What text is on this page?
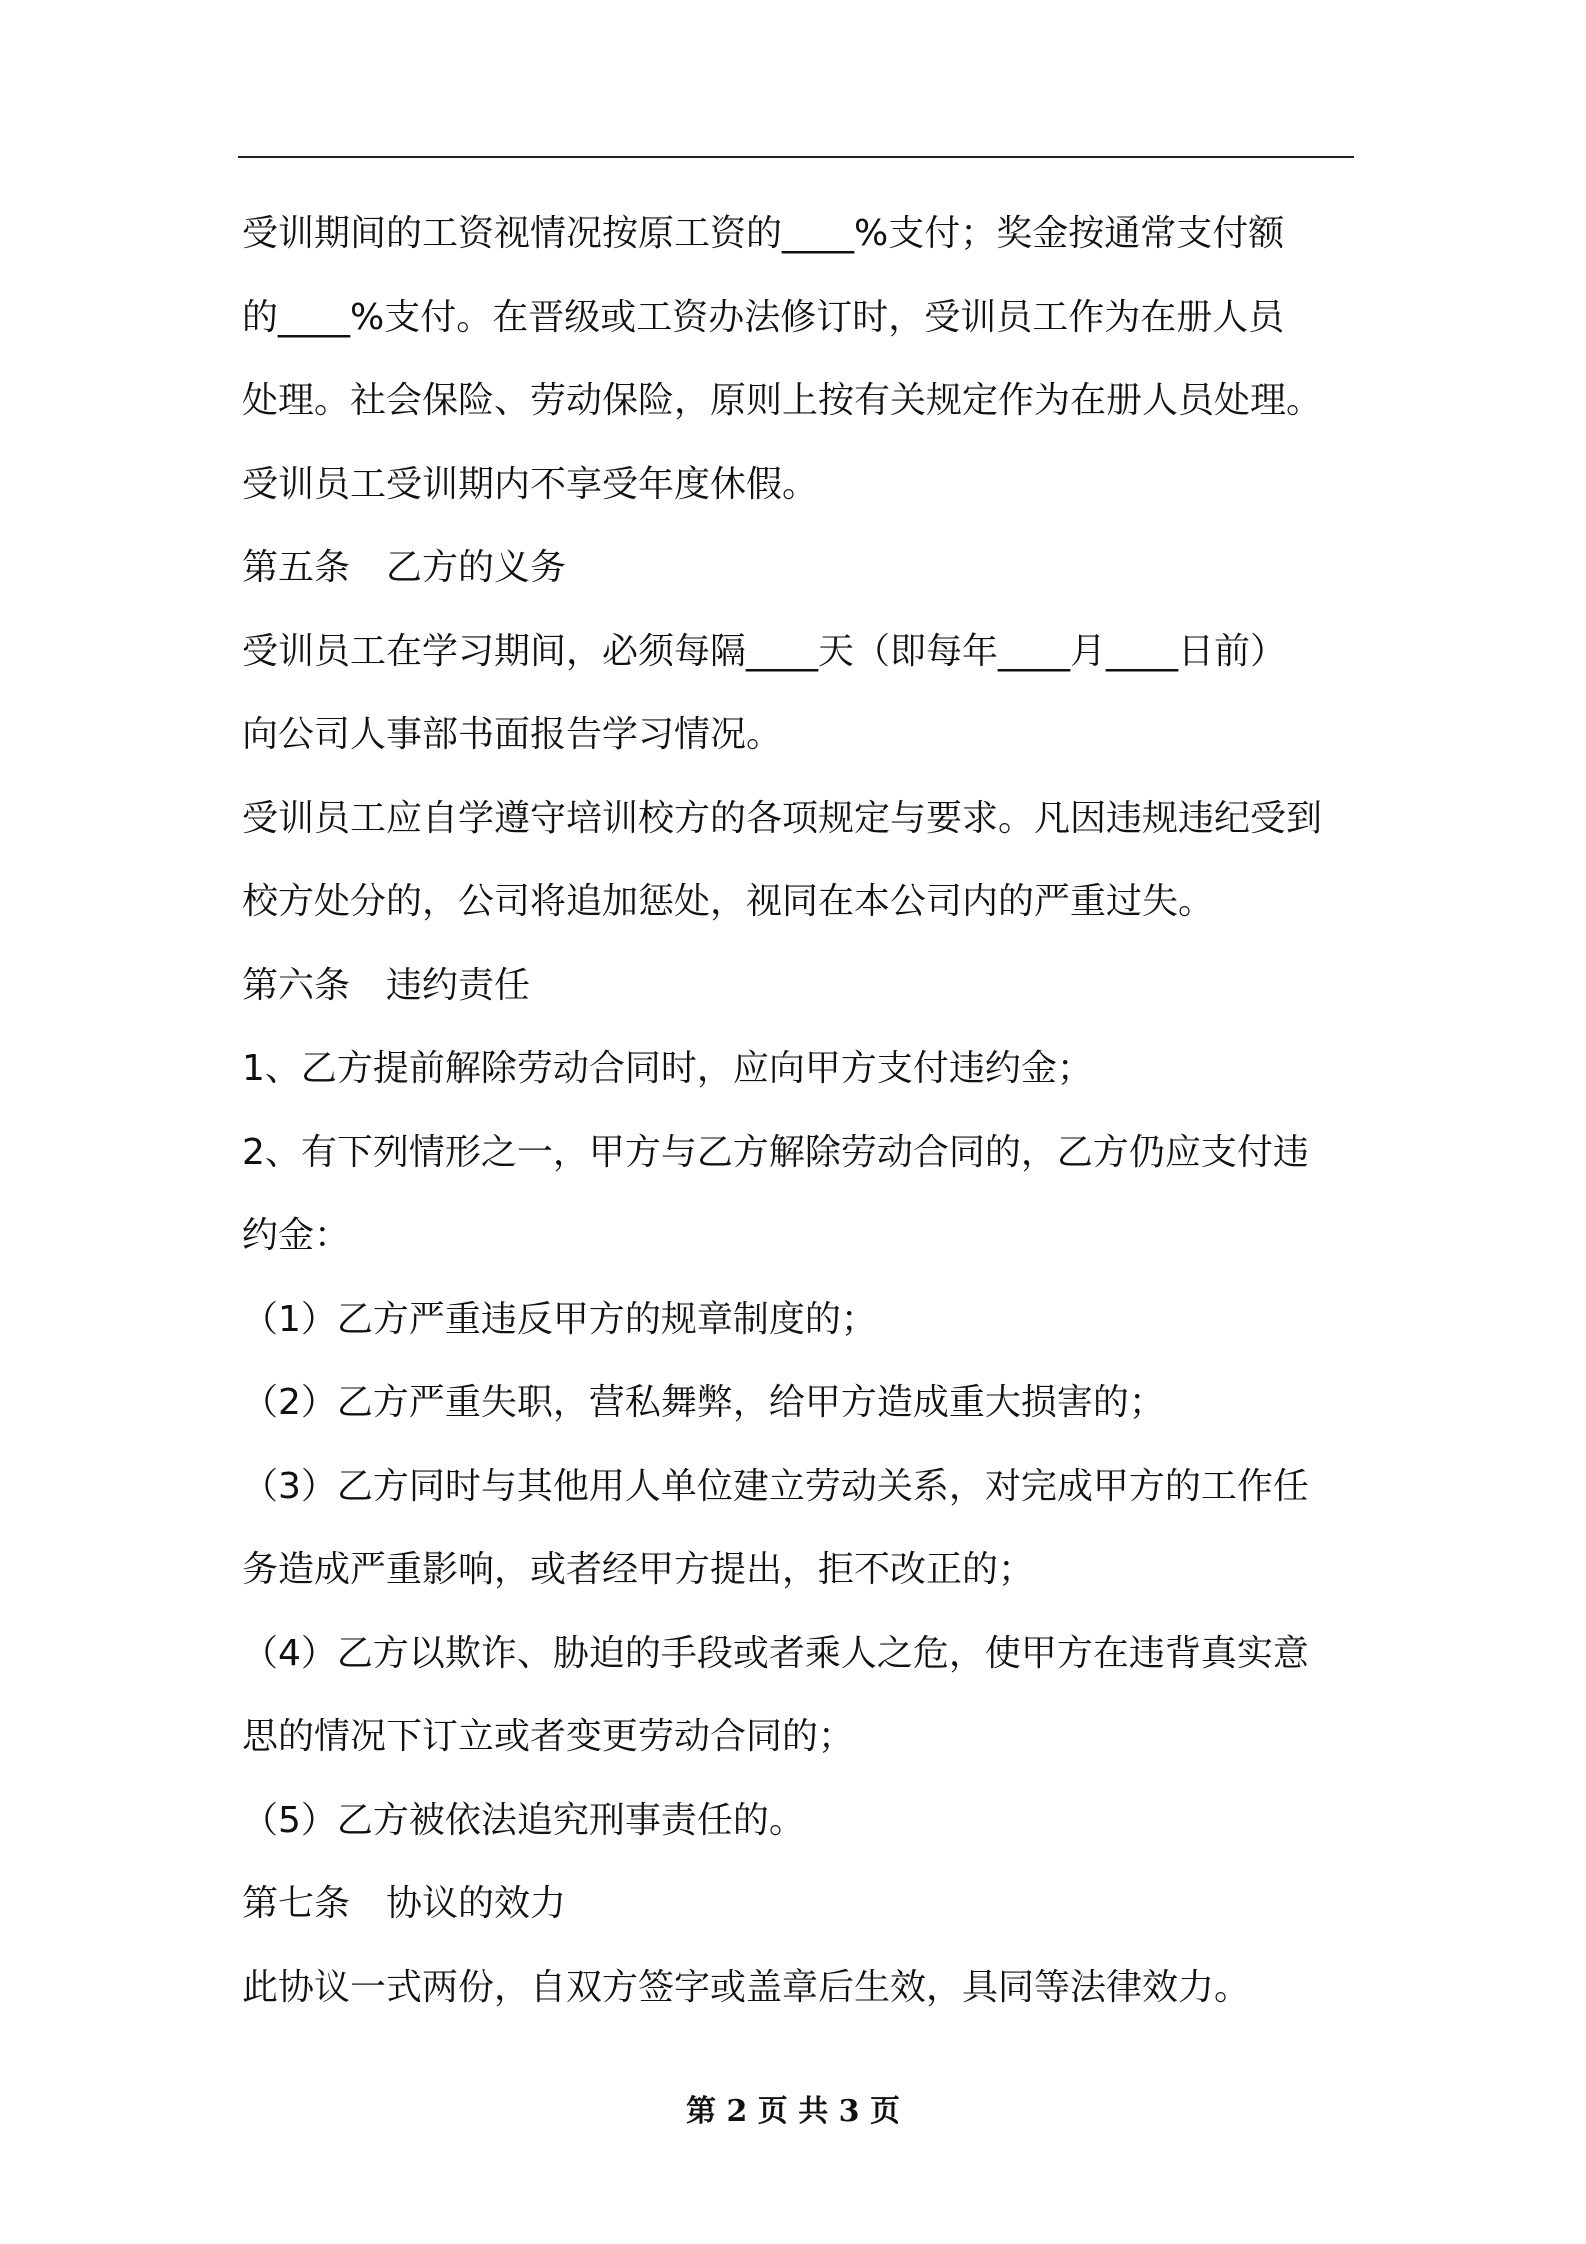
受训期间的工资视情况按原工资的____%支付；奖金按通常支付额
的____%支付。在晋级或工资办法修订时，受训员工作为在册人员
处理。社会保险、劳动保险，原则上按有关规定作为在册人员处理。
受训员工受训期内不享受年度休假。
第五条　乙方的义务
受训员工在学习期间，必须每隔____天（即每年____月____日前）
向公司人事部书面报告学习情况。
受训员工应自学遵守培训校方的各项规定与要求。凡因违规违纪受到
校方处分的，公司将追加惩处，视同在本公司内的严重过失。
第六条　违约责任
1、乙方提前解除劳动合同时，应向甲方支付违约金；
2、有下列情形之一，甲方与乙方解除劳动合同的，乙方仍应支付违
约金：
（1）乙方严重违反甲方的规章制度的；
（2）乙方严重失职，营私舞弊，给甲方造成重大损害的；
（3）乙方同时与其他用人单位建立劳动关系，对完成甲方的工作任
务造成严重影响，或者经甲方提出，拒不改正的；
（4）乙方以欺诈、胁迫的手段或者乘人之危，使甲方在违背真实意
思的情况下订立或者变更劳动合同的；
（5）乙方被依法追究刑事责任的。
第七条　协议的效力
此协议一式两份，自双方签字或盖章后生效，具同等法律效力。
第 2 页 共 3 页
